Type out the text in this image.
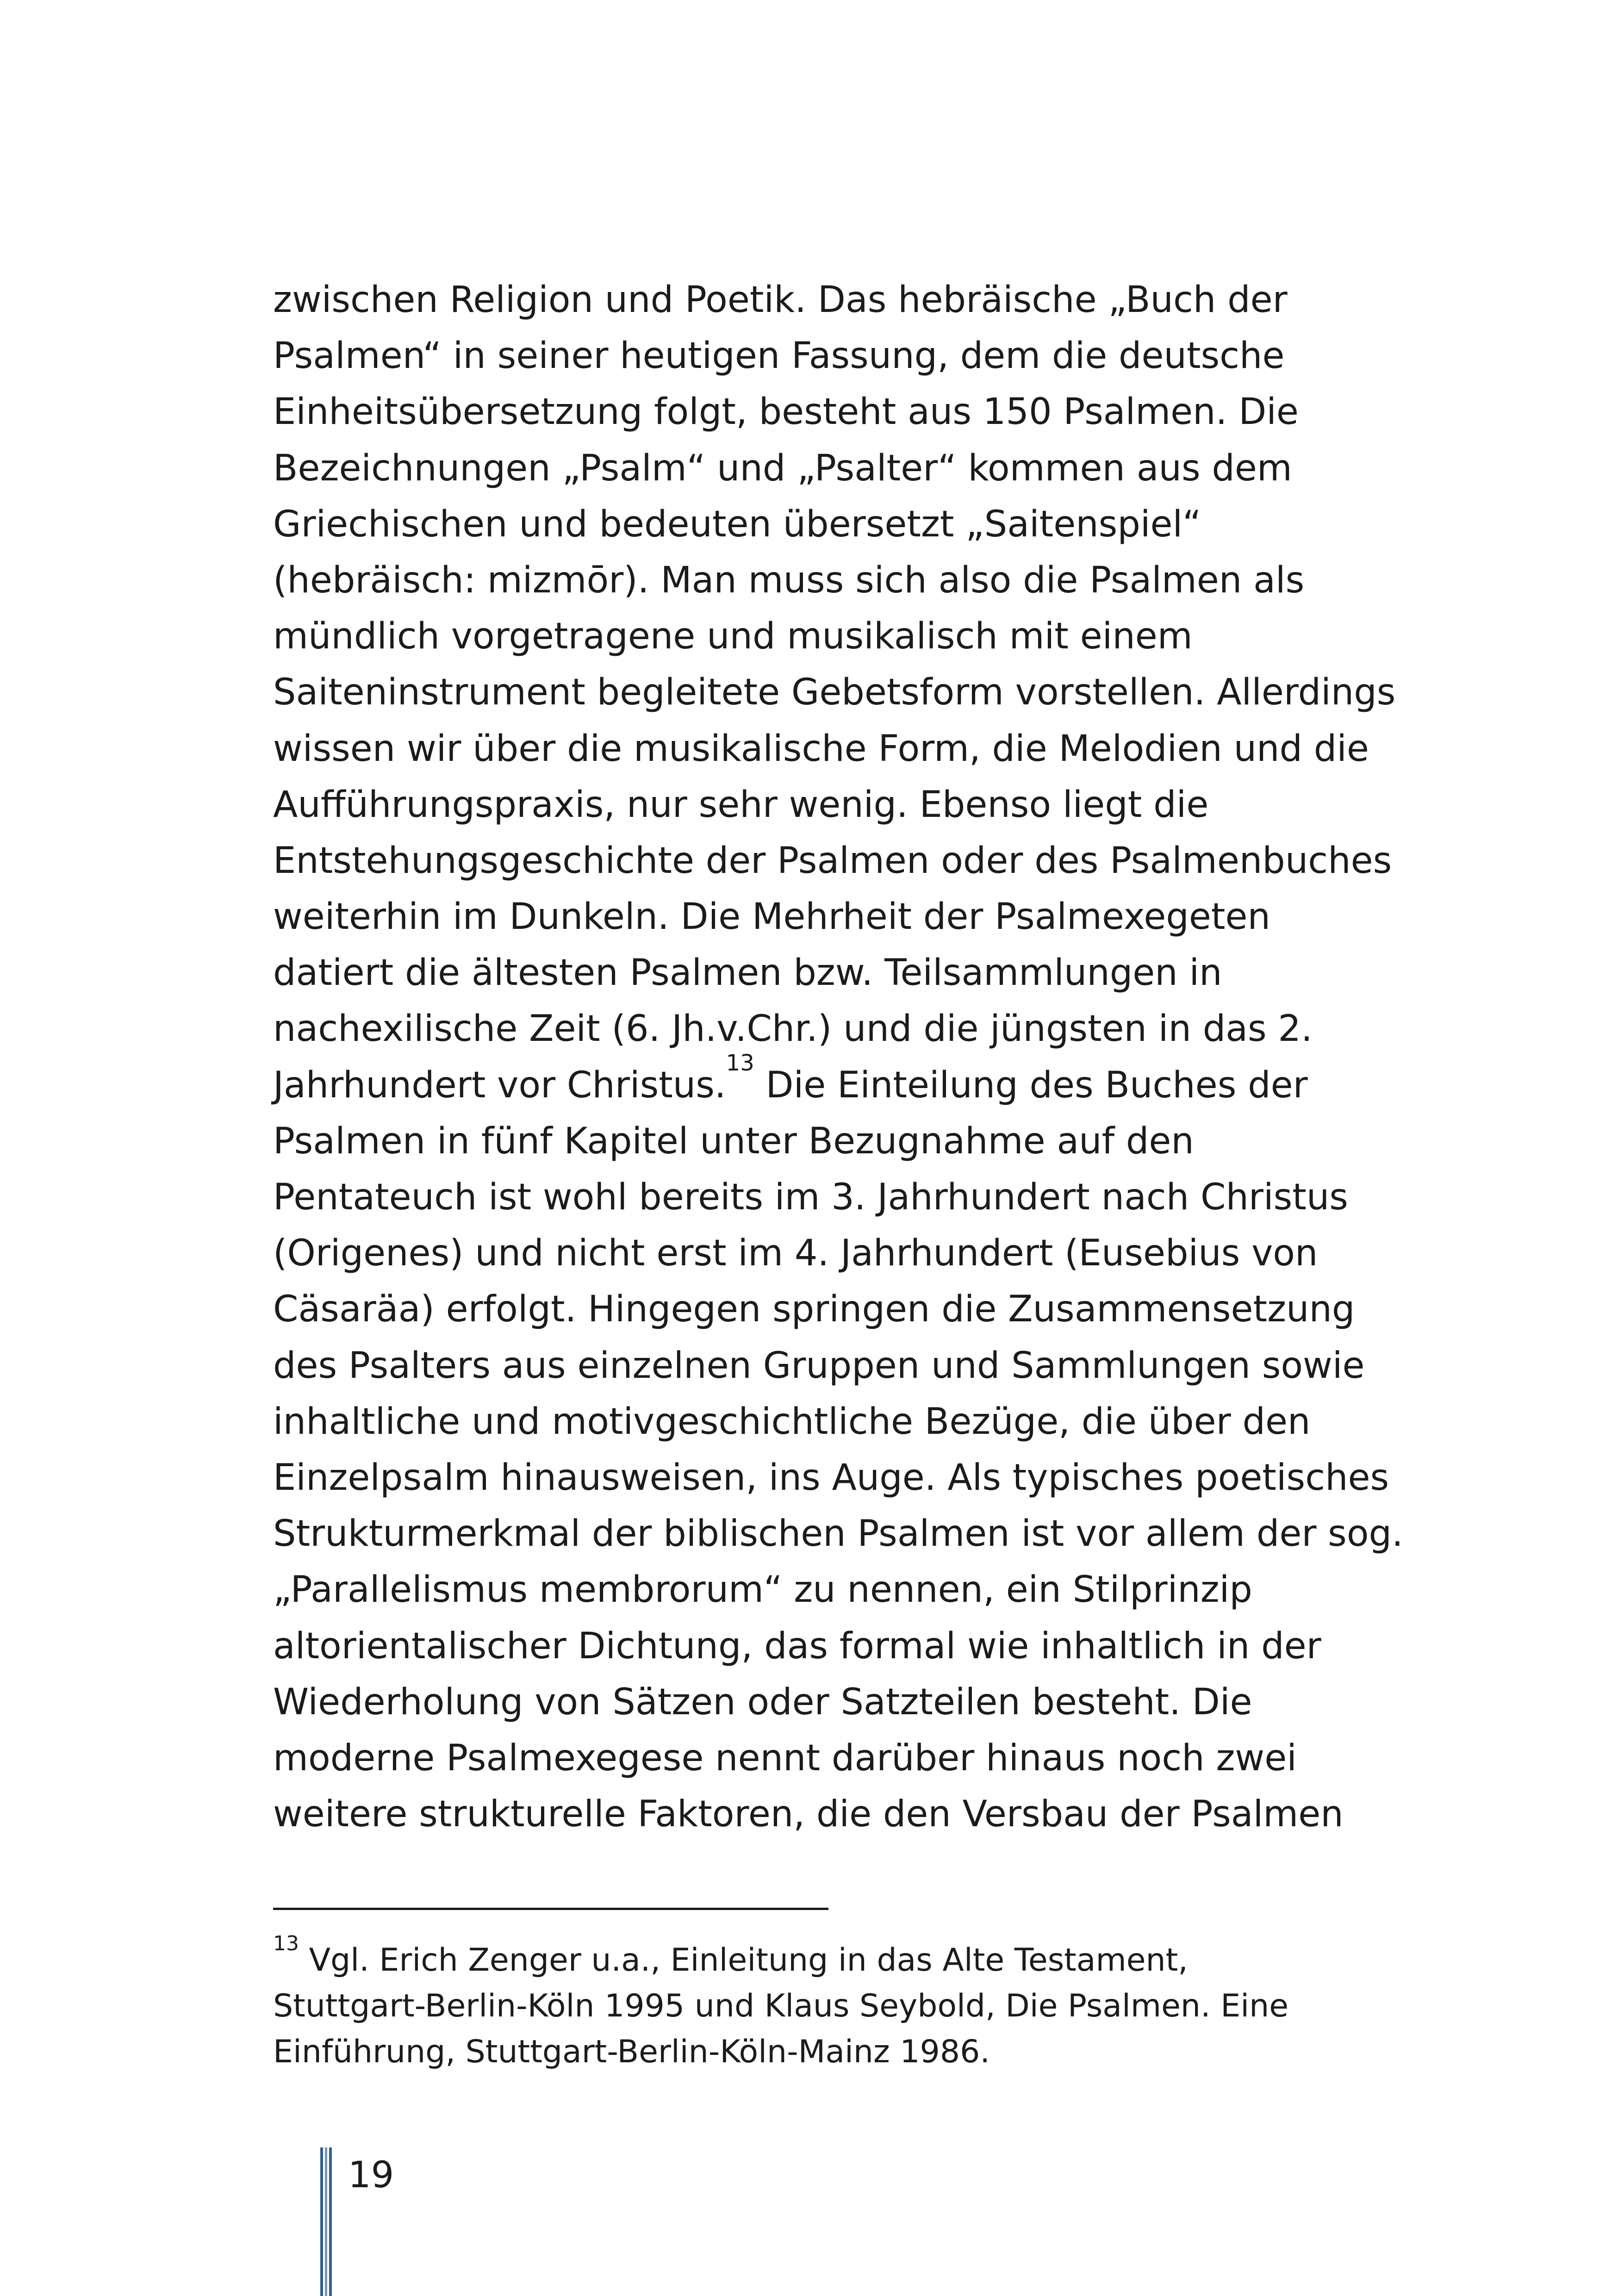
zwischen Religion und Poetik. Das hebräische „Buch der
Psalmen“ in seiner heutigen Fassung, dem die deutsche
Einheitsübersetzung folgt, besteht aus 150 Psalmen. Die
Bezeichnungen „Psalm“ und „Psalter“ kommen aus dem
Griechischen und bedeuten übersetzt „Saitenspiel“
(hebräisch: mizmōr). Man muss sich also die Psalmen als
mündlich vorgetragene und musikalisch mit einem
Saiteninstrument begleitete Gebetsform vorstellen. Allerdings
wissen wir über die musikalische Form, die Melodien und die
Aufführungspraxis, nur sehr wenig. Ebenso liegt die
Entstehungsgeschichte der Psalmen oder des Psalmenbuches
weiterhin im Dunkeln. Die Mehrheit der Psalmexegeten
datiert die ältesten Psalmen bzw. Teilsammlungen in
nachexilische Zeit (6. Jh.v.Chr.) und die jüngsten in das 2.
Jahrhundert vor Christus.$^{13}$ Die Einteilung des Buches der
Psalmen in fünf Kapitel unter Bezugnahme auf den
Pentateuch ist wohl bereits im 3. Jahrhundert nach Christus
(Origenes) und nicht erst im 4. Jahrhundert (Eusebius von
Cäsaräa) erfolgt. Hingegen springen die Zusammensetzung
des Psalters aus einzelnen Gruppen und Sammlungen sowie
inhaltliche und motivgeschichtliche Bezüge, die über den
Einzelpsalm hinausweisen, ins Auge. Als typisches poetisches
Strukturmerkmal der biblischen Psalmen ist vor allem der sog.
„Parallelismus membrorum“ zu nennen, ein Stilprinzip
altorientalischer Dichtung, das formal wie inhaltlich in der
Wiederholung von Sätzen oder Satzteilen besteht. Die
moderne Psalmexegese nennt darüber hinaus noch zwei
weitere strukturelle Faktoren, die den Versbau der Psalmen
$^{13}$ Vgl. Erich Zenger u.a., Einleitung in das Alte Testament,
Stuttgart-Berlin-Köln 1995 und Klaus Seybold, Die Psalmen. Eine
Einführung, Stuttgart-Berlin-Köln-Mainz 1986.
19
